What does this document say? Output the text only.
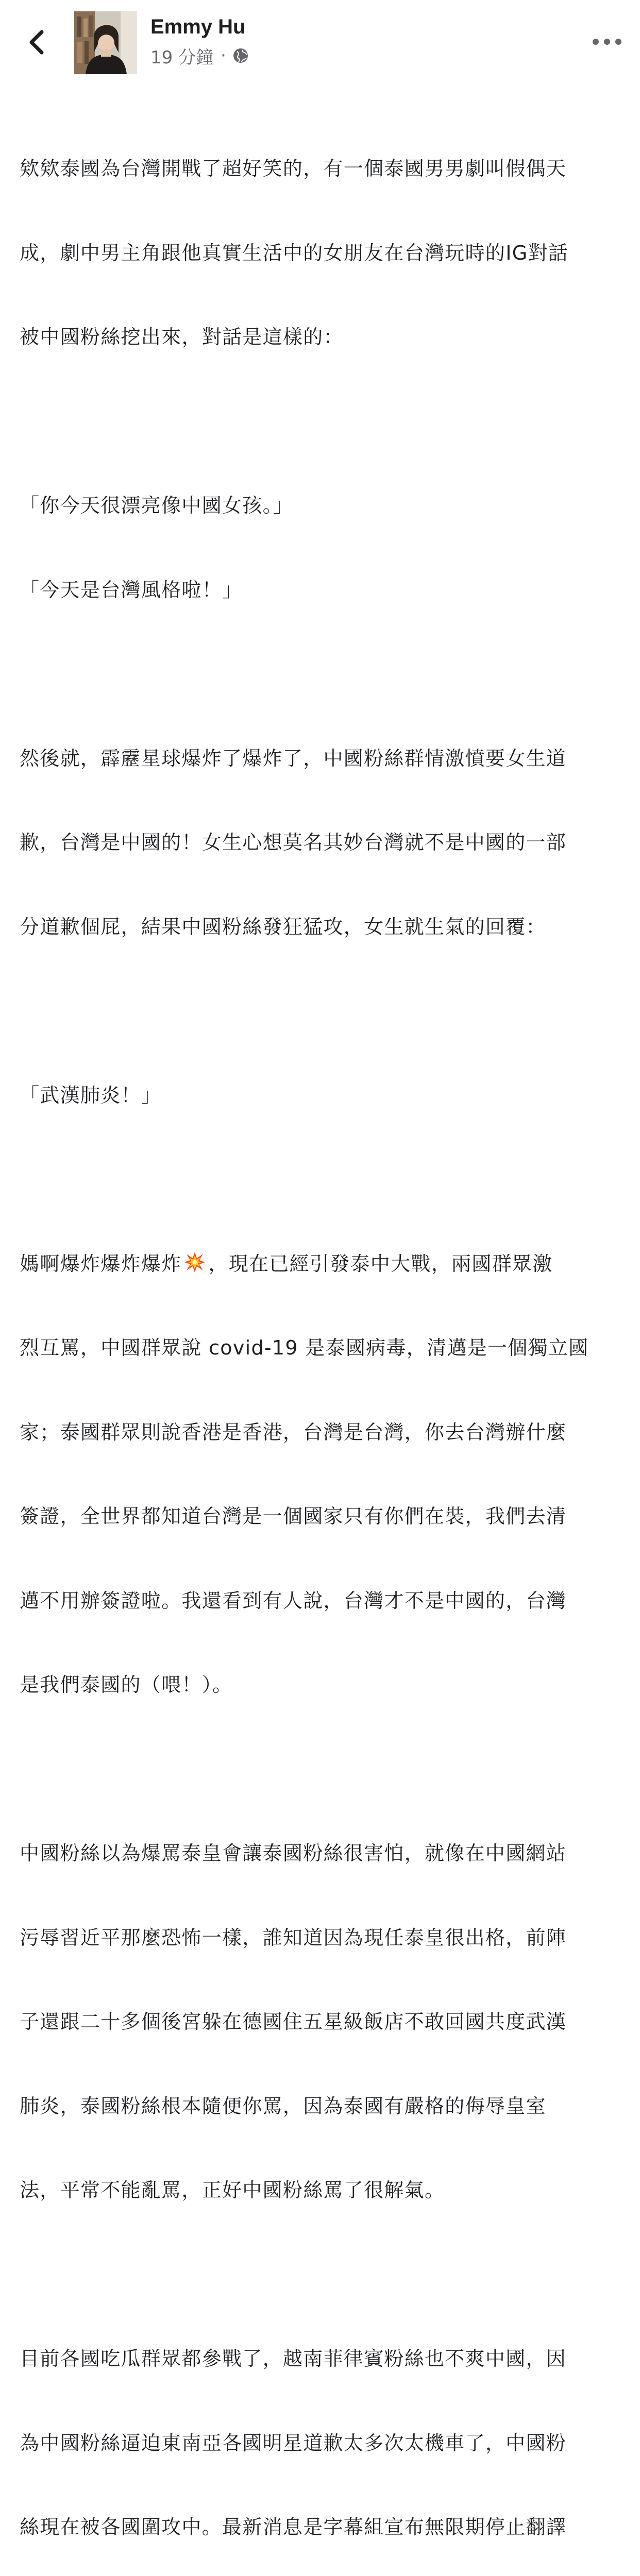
Emmy Hu
19 分鐘 ·

欸欸泰國為台灣開戰了超好笑的，有一個泰國男男劇叫假偶天

成，劇中男主角跟他真實生活中的女朋友在台灣玩時的IG對話

被中國粉絲挖出來，對話是這樣的：

「你今天很漂亮像中國女孩。」

「今天是台灣風格啦！」

然後就，霹靂星球爆炸了爆炸了，中國粉絲群情激憤要女生道

歉，台灣是中國的！女生心想莫名其妙台灣就不是中國的一部

分道歉個屁，結果中國粉絲發狂猛攻，女生就生氣的回覆：

「武漢肺炎！」

媽啊爆炸爆炸爆炸 ，現在已經引發泰中大戰，兩國群眾激

烈互罵，中國群眾說 covid-19 是泰國病毒，清邁是一個獨立國

家；泰國群眾則說香港是香港，台灣是台灣，你去台灣辦什麼

簽證，全世界都知道台灣是一個國家只有你們在裝，我們去清

邁不用辦簽證啦。我還看到有人說，台灣才不是中國的，台灣

是我們泰國的（喂！）。

中國粉絲以為爆罵泰皇會讓泰國粉絲很害怕，就像在中國網站

污辱習近平那麼恐怖一樣，誰知道因為現任泰皇很出格，前陣

子還跟二十多個後宮躲在德國住五星級飯店不敢回國共度武漢

肺炎，泰國粉絲根本隨便你罵，因為泰國有嚴格的侮辱皇室

法，平常不能亂罵，正好中國粉絲罵了很解氣。

目前各國吃瓜群眾都參戰了，越南菲律賓粉絲也不爽中國，因

為中國粉絲逼迫東南亞各國明星道歉太多次太機車了，中國粉

絲現在被各國圍攻中。最新消息是字幕組宣布無限期停止翻譯
